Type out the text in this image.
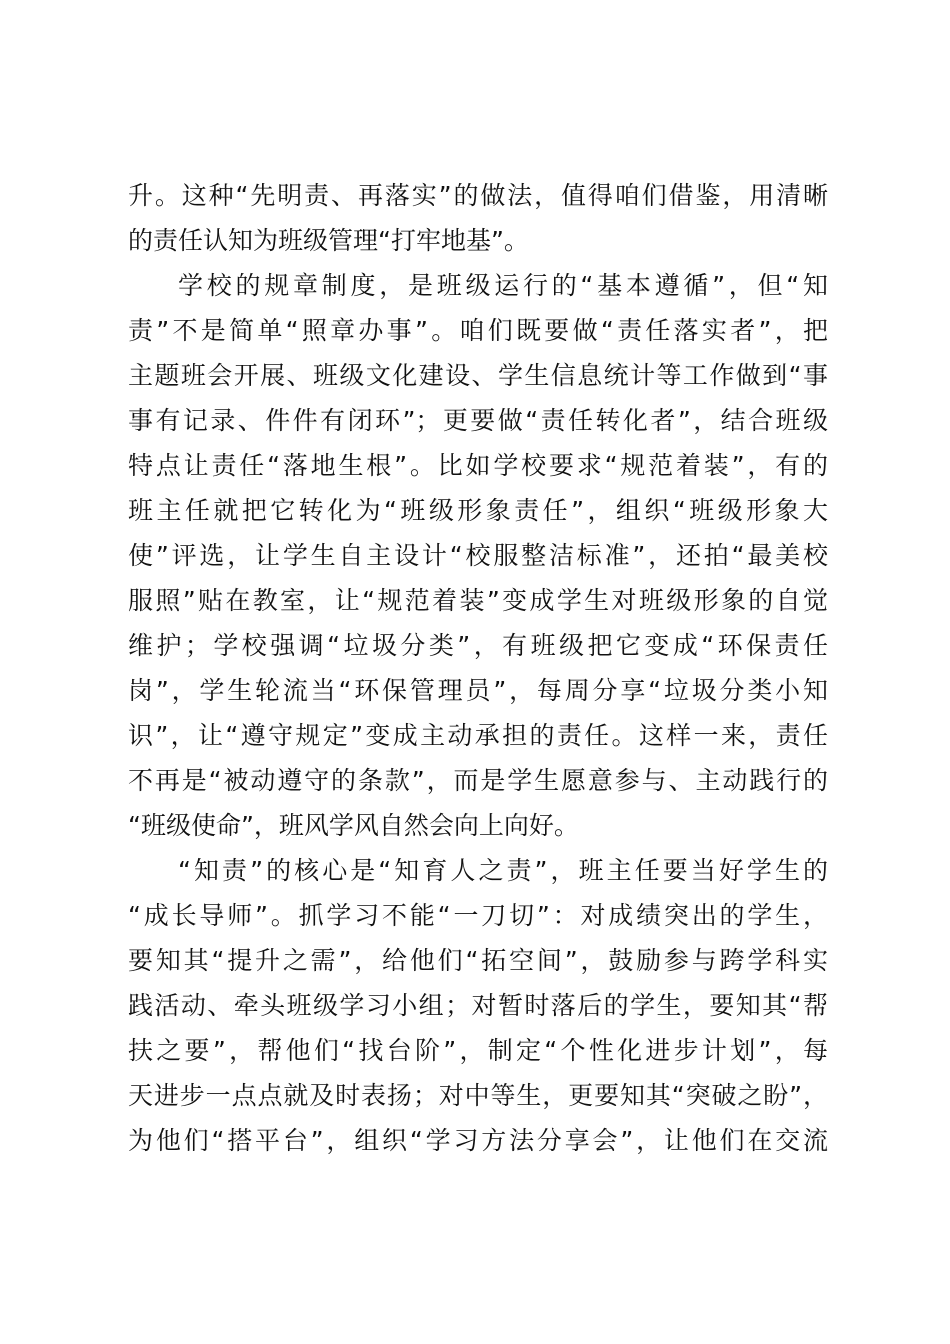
升。这种“先明责、再落实”的做法，值得咱们借鉴，用清晰
的责任认知为班级管理“打牢地基”。
学校的规章制度，是班级运行的“基本遵循”，但“知
责”不是简单“照章办事”。咱们既要做“责任落实者”，把
主题班会开展、班级文化建设、学生信息统计等工作做到“事
事有记录、件件有闭环”；更要做“责任转化者”，结合班级
特点让责任“落地生根”。比如学校要求“规范着装”，有的
班主任就把它转化为“班级形象责任”，组织“班级形象大
使”评选，让学生自主设计“校服整洁标准”，还拍“最美校
服照”贴在教室，让“规范着装”变成学生对班级形象的自觉
维护；学校强调“垃圾分类”，有班级把它变成“环保责任
岗”，学生轮流当“环保管理员”，每周分享“垃圾分类小知
识”，让“遵守规定”变成主动承担的责任。这样一来，责任
不再是“被动遵守的条款”，而是学生愿意参与、主动践行的
“班级使命”，班风学风自然会向上向好。
“知责”的核心是“知育人之责”，班主任要当好学生的
“成长导师”。抓学习不能“一刀切”：对成绩突出的学生，
要知其“提升之需”，给他们“拓空间”，鼓励参与跨学科实
践活动、牵头班级学习小组；对暂时落后的学生，要知其“帮
扶之要”，帮他们“找台阶”，制定“个性化进步计划”，每
天进步一点点就及时表扬；对中等生，更要知其“突破之盼”，
为他们“搭平台”，组织“学习方法分享会”，让他们在交流
